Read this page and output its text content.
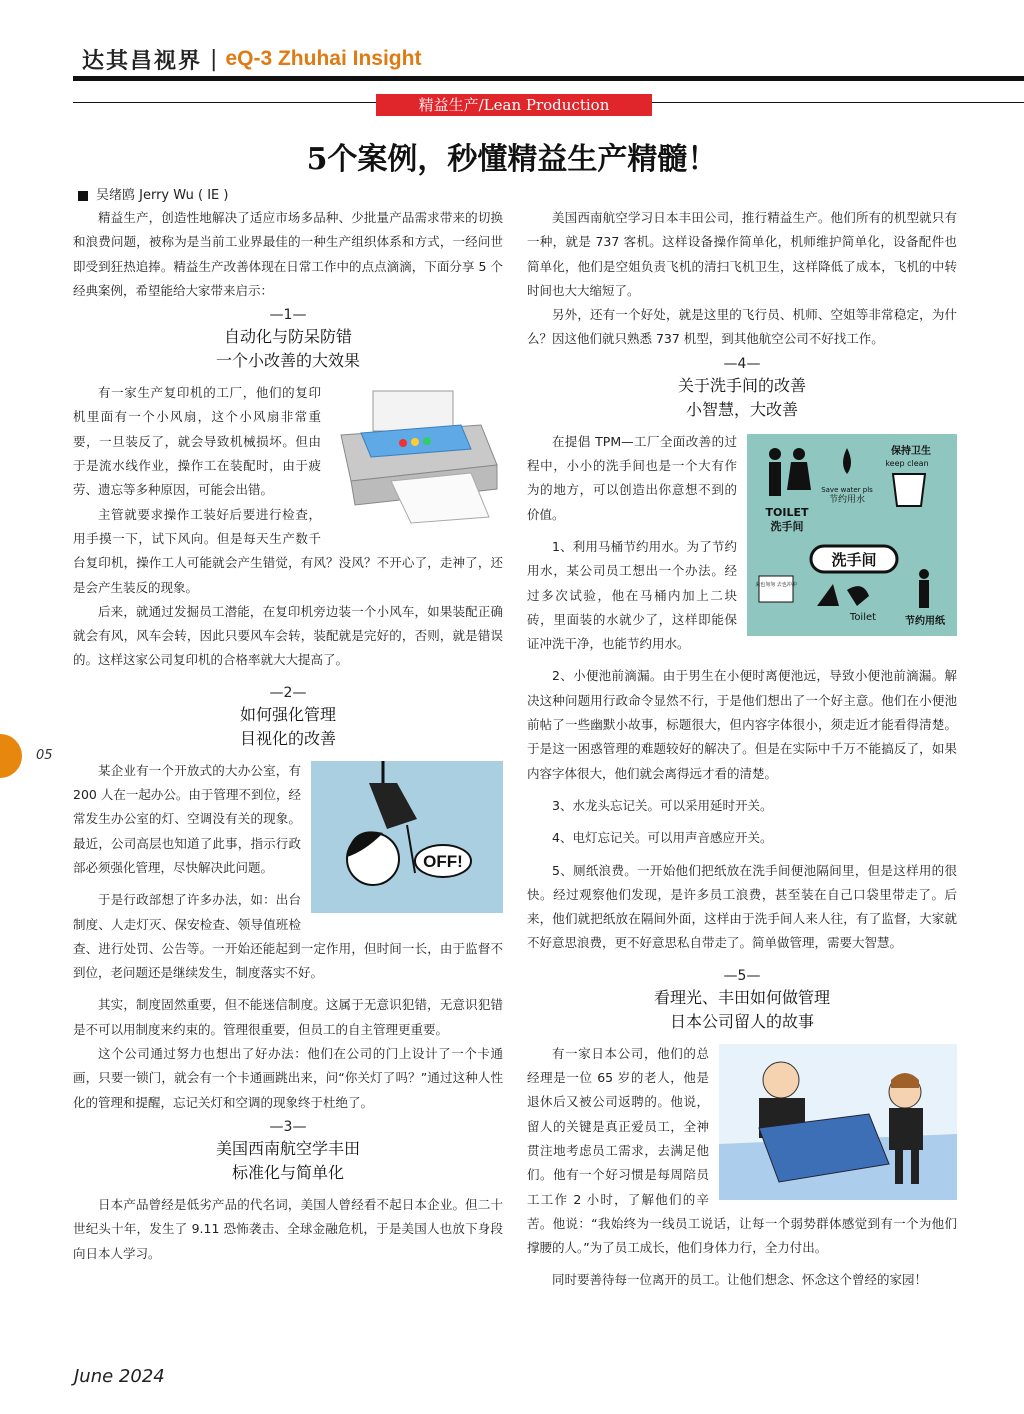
达其昌视界 | eQ-3 Zhuhai Insight
精益生产/Lean Production
5个案例，秒懂精益生产精髓！
吴绪鸥 Jerry Wu ( IE )

精益生产，创造性地解决了适应市场多品种、少批量产品需求带来的切换和浪费问题，被称为是当前工业界最佳的一种生产组织体系和方式，一经问世即受到狂热追捧。精益生产改善体现在日常工作中的点点滴滴，下面分享 5 个经典案例，希望能给大家带来启示：

—1—
自动化与防呆防错
一个小改善的大效果

有一家生产复印机的工厂，他们的复印机里面有一个小风扇，这个小风扇非常重要，一旦装反了，就会导致机械损坏。但由于是流水线作业，操作工在装配时，由于疲劳、遗忘等多种原因，可能会出错。

主管就要求操作工装好后要进行检查，用手摸一下，试下风向。但是每天生产数千台复印机，操作工人可能就会产生错觉，有风？没风？不开心了，走神了，还是会产生装反的现象。

后来，就通过发掘员工潜能，在复印机旁边装一个小风车，如果装配正确就会有风，风车会转，因此只要风车会转，装配就是完好的，否则，就是错误的。这样这家公司复印机的合格率就大大提高了。

—2—
如何强化管理
目视化的改善
OFF!

某企业有一个开放式的大办公室，有 200 人在一起办公。由于管理不到位，经常发生办公室的灯、空调没有关的现象。最近，公司高层也知道了此事，指示行政部必须强化管理，尽快解决此问题。

于是行政部想了许多办法，如：出台制度、人走灯灭、保安检查、领导值班检查、进行处罚、公告等。一开始还能起到一定作用，但时间一长，由于监督不到位，老问题还是继续发生，制度落实不好。

其实，制度固然重要，但不能迷信制度。这属于无意识犯错，无意识犯错是不可以用制度来约束的。管理很重要，但员工的自主管理更重要。

这个公司通过努力也想出了好办法：他们在公司的门上设计了一个卡通画，只要一锁门，就会有一个卡通画跳出来，问“你关灯了吗？”通过这种人性化的管理和提醒，忘记关灯和空调的现象终于杜绝了。

—3—
美国西南航空学丰田
标准化与简单化

日本产品曾经是低劣产品的代名词，美国人曾经看不起日本企业。但二十世纪头十年，发生了 9.11 恐怖袭击、全球金融危机，于是美国人也放下身段向日本人学习。

美国西南航空学习日本丰田公司，推行精益生产。他们所有的机型就只有一种，就是 737 客机。这样设备操作简单化，机师维护简单化，设备配件也简单化，他们是空姐负责飞机的清扫飞机卫生，这样降低了成本，飞机的中转时间也大大缩短了。

另外，还有一个好处，就是这里的飞行员、机师、空姐等非常稳定，为什么？因这他们就只熟悉 737 机型，到其他航空公司不好找工作。

—4—
关于洗手间的改善
小智慧，大改善
TOILET
洗手间
Save water pls
节约用水
保持卫生
keep clean
洗手间
来也匆匆 去也冲冲
Toilet	节约用纸

在提倡 TPM—工厂全面改善的过程中，小小的洗手间也是一个大有作为的地方，可以创造出你意想不到的价值。

1、利用马桶节约用水。为了节约用水，某公司员工想出一个办法。经过多次试验，他在马桶内加上二块砖，里面装的水就少了，这样即能保证冲洗干净，也能节约用水。

2、小便池前滴漏。由于男生在小便时离便池远，导致小便池前滴漏。解决这种问题用行政命令显然不行，于是他们想出了一个好主意。他们在小便池前帖了一些幽默小故事，标题很大，但内容字体很小，须走近才能看得清楚。于是这一困惑管理的难题较好的解决了。但是在实际中千万不能搞反了，如果内容字体很大，他们就会离得远才看的清楚。

3、水龙头忘记关。可以采用延时开关。

4、电灯忘记关。可以用声音感应开关。

5、厕纸浪费。一开始他们把纸放在洗手间便池隔间里，但是这样用的很快。经过观察他们发现，是许多员工浪费，甚至装在自己口袋里带走了。后来，他们就把纸放在隔间外面，这样由于洗手间人来人往，有了监督，大家就不好意思浪费，更不好意思私自带走了。简单做管理，需要大智慧。

—5—
看理光、丰田如何做管理
日本公司留人的故事

有一家日本公司，他们的总经理是一位 65 岁的老人，他是退休后又被公司返聘的。他说，留人的关键是真正爱员工，全神贯注地考虑员工需求，去满足他们。他有一个好习惯是每周陪员工工作 2 小时，了解他们的辛苦。他说：“我始终为一线员工说话，让每一个弱势群体感觉到有一个为他们撑腰的人。”为了员工成长，他们身体力行，全力付出。

同时要善待每一位离开的员工。让他们想念、怀念这个曾经的家园！

05
June 2024
